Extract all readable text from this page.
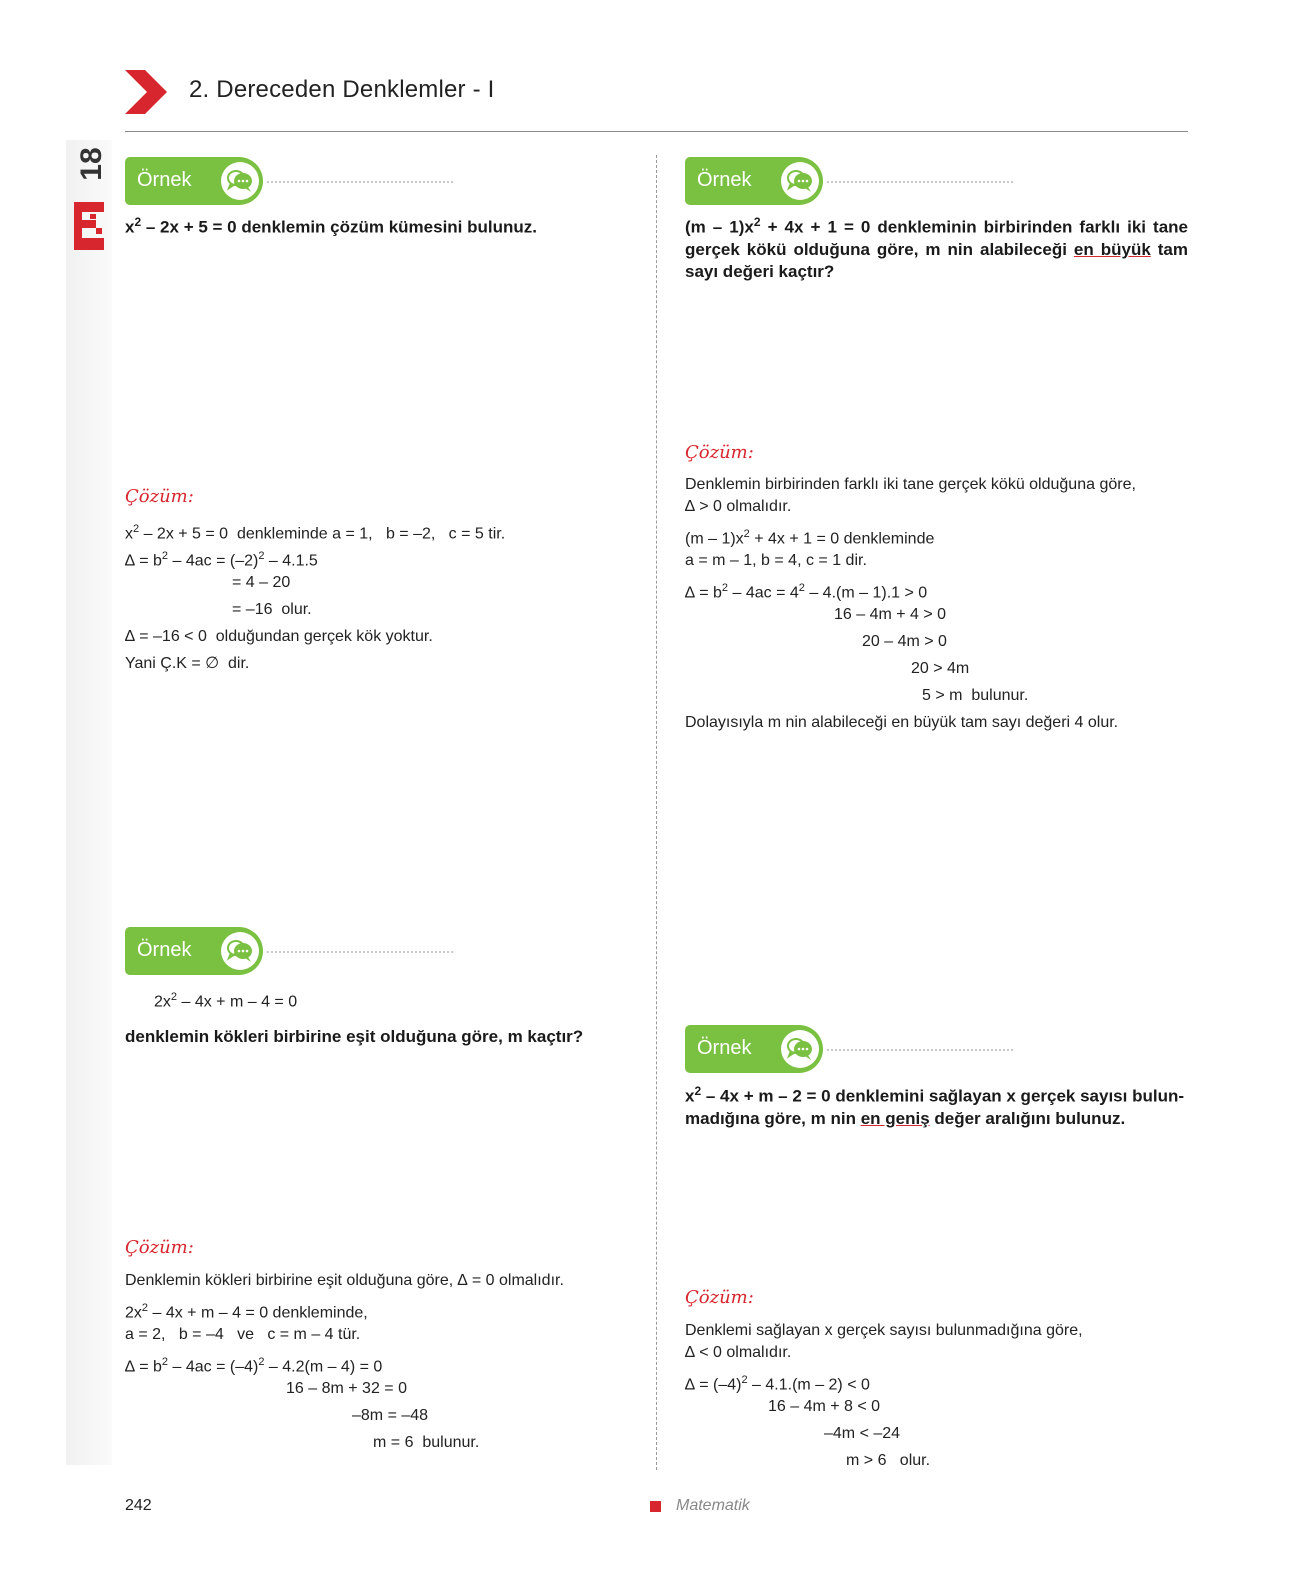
2. Dereceden Denklemler - I
18 Örnek
$x^2 - 2x + 5 = 0$ denklemin çözüm kümesini bulunuz.
Çözüm:
$x^2 - 2x + 5 = 0$  denkleminde a = 1,   b = –2,   c = 5 tir.
∆ = $b^2 - 4ac = (-2)^2 - 4.1.5$
= 4 – 20
= –16  olur.
∆ = –16 < 0  olduğundan gerçek kök yoktur.
Yani Ç.K = ∅  dir.
Örnek
$2x^2 - 4x + m - 4 = 0$
denklemin kökleri birbirine eşit olduğuna göre, m kaçtır?
Çözüm:
Denklemin kökleri birbirine eşit olduğuna göre, ∆ = 0 olmalıdır.
$2x^2 - 4x + m - 4 = 0$ denkleminde,
a = 2,   b = –4   ve   c = m – 4 tür.
∆ = $b^2 - 4ac = (-4)^2 - 4.2(m - 4) = 0$
16 – 8m + 32 = 0
–8m = –48
m = 6  bulunur.
Örnek
$(m - 1)x^2 + 4x + 1 = 0$ denkleminin birbirinden farklı iki tane gerçek kökü olduğuna göre, m nin alabileceği en büyük tam sayı değeri kaçtır?
Çözüm:
Denklemin birbirinden farklı iki tane gerçek kökü olduğuna göre,
∆ > 0 olmalıdır.
$(m - 1)x^2 + 4x + 1 = 0$ denkleminde
a = m – 1, b = 4, c = 1 dir.
∆ = $b^2 - 4ac = 4^2 - 4.(m - 1).1 > 0$
16 – 4m + 4 > 0
20 – 4m > 0
20 > 4m
5 > m  bulunur.
Dolayısıyla m nin alabileceği en büyük tam sayı değeri 4 olur.
Örnek
$x^2 - 4x + m - 2 = 0$ denklemini sağlayan x gerçek sayısı bulun-
madığına göre, m nin en geniş değer aralığını bulunuz.
Çözüm:
Denklemi sağlayan x gerçek sayısı bulunmadığına göre,
∆ < 0 olmalıdır.
∆ = $(-4)^2 - 4.1.(m - 2) < 0$
16 – 4m + 8 < 0
–4m < –24
m > 6   olur.
242	Matematik
